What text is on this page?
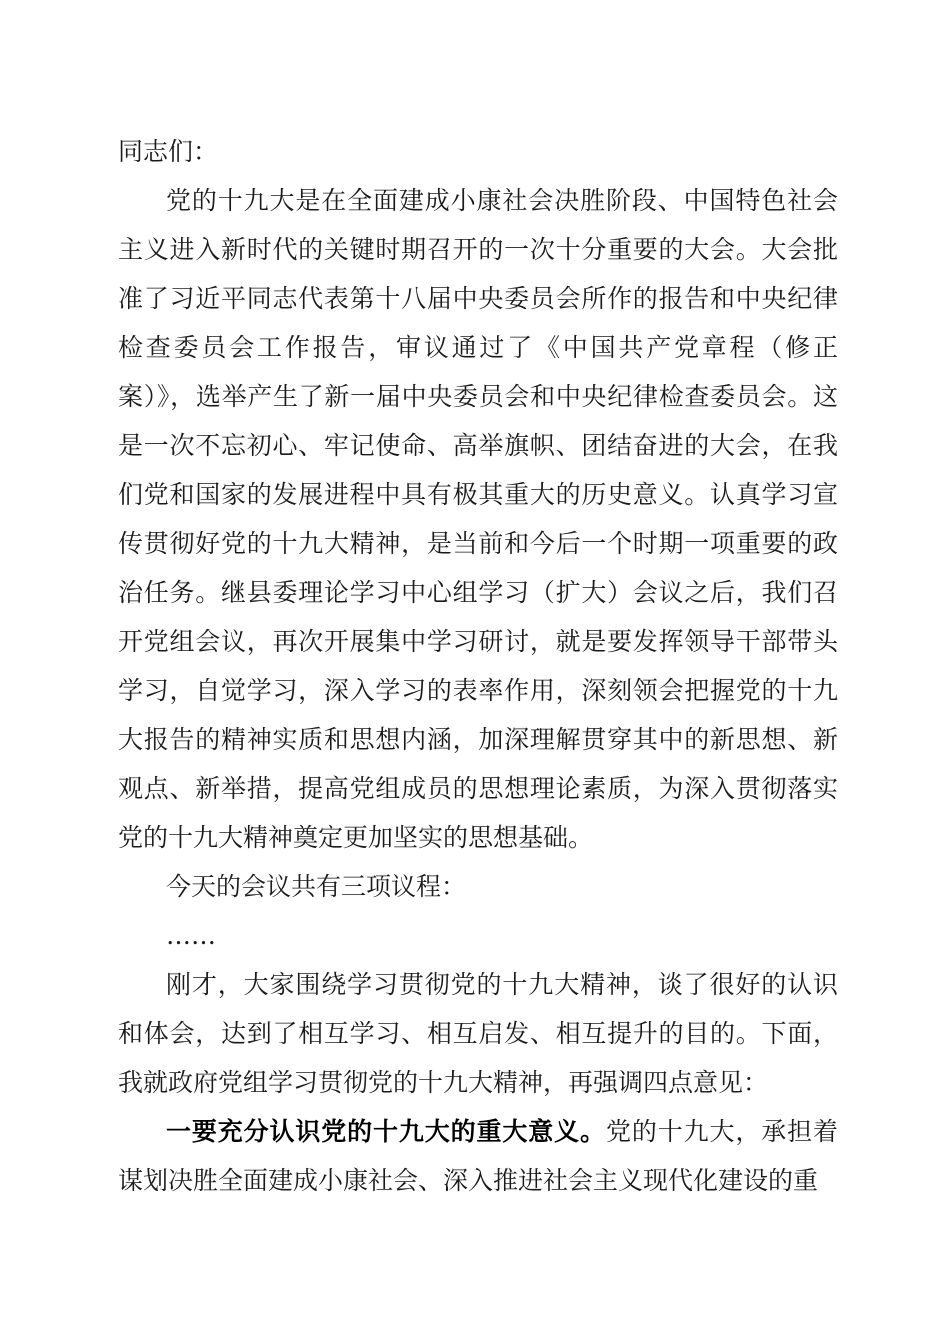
同志们：

党的十九大是在全面建成小康社会决胜阶段、中国特色社会主义进入新时代的关键时期召开的一次十分重要的大会。大会批准了习近平同志代表第十八届中央委员会所作的报告和中央纪律检查委员会工作报告，审议通过了《中国共产党章程（修正案）》，选举产生了新一届中央委员会和中央纪律检查委员会。这是一次不忘初心、牢记使命、高举旗帜、团结奋进的大会，在我们党和国家的发展进程中具有极其重大的历史意义。认真学习宣传贯彻好党的十九大精神，是当前和今后一个时期一项重要的政治任务。继县委理论学习中心组学习（扩大）会议之后，我们召开党组会议，再次开展集中学习研讨，就是要发挥领导干部带头学习，自觉学习，深入学习的表率作用，深刻领会把握党的十九大报告的精神实质和思想内涵，加深理解贯穿其中的新思想、新观点、新举措，提高党组成员的思想理论素质，为深入贯彻落实党的十九大精神奠定更加坚实的思想基础。

今天的会议共有三项议程：

……

刚才，大家围绕学习贯彻党的十九大精神，谈了很好的认识和体会，达到了相互学习、相互启发、相互提升的目的。下面，我就政府党组学习贯彻党的十九大精神，再强调四点意见：

一要充分认识党的十九大的重大意义。党的十九大，承担着谋划决胜全面建成小康社会、深入推进社会主义现代化建设的重
